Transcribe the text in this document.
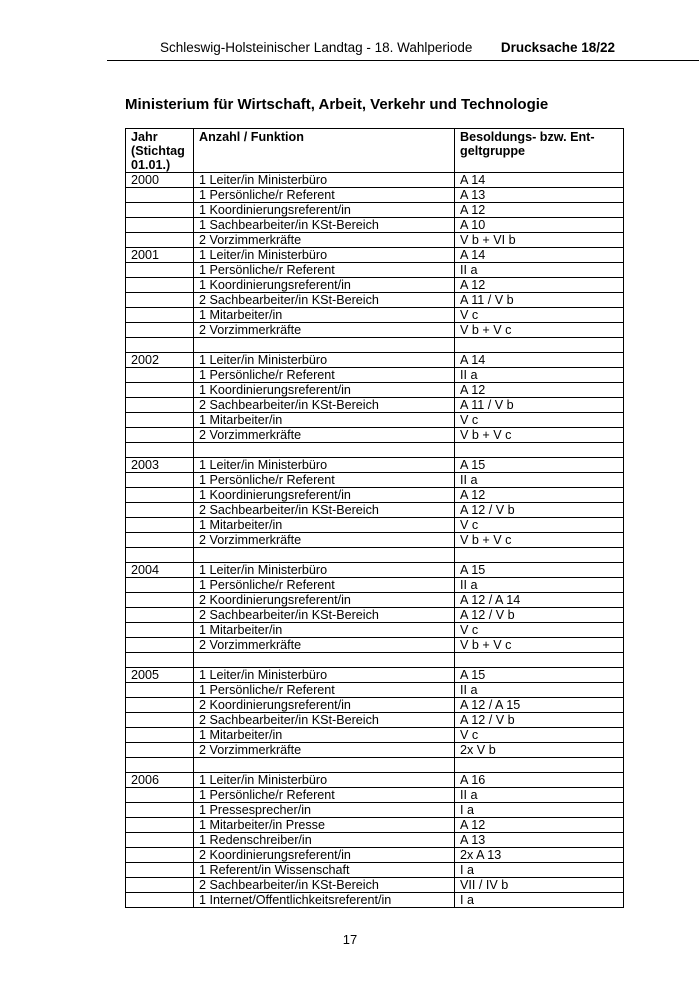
Schleswig-Holsteinischer Landtag - 18. Wahlperiode Drucksache 18/22
Ministerium für Wirtschaft, Arbeit, Verkehr und Technologie
Jahr (Stichtag 01.01.)	Anzahl / Funktion	Besoldungs- bzw. Ent-geltgruppe
2000	1 Leiter/in Ministerbüro	A 14
	1 Persönliche/r Referent	A 13
	1 Koordinierungsreferent/in	A 12
	1 Sachbearbeiter/in KSt-Bereich	A 10
	2 Vorzimmerkräfte	V b + VI b
2001	1 Leiter/in Ministerbüro	A 14
	1 Persönliche/r Referent	II a
	1 Koordinierungsreferent/in	A 12
	2 Sachbearbeiter/in KSt-Bereich	A 11 / V b
	1 Mitarbeiter/in	V c
	2 Vorzimmerkräfte	V b + V c

2002	1 Leiter/in Ministerbüro	A 14
	1 Persönliche/r Referent	II a
	1 Koordinierungsreferent/in	A 12
	2 Sachbearbeiter/in KSt-Bereich	A 11 / V b
	1 Mitarbeiter/in	V c
	2 Vorzimmerkräfte	V b + V c

2003	1 Leiter/in Ministerbüro	A 15
	1 Persönliche/r Referent	II a
	1 Koordinierungsreferent/in	A 12
	2 Sachbearbeiter/in KSt-Bereich	A 12 / V b
	1 Mitarbeiter/in	V c
	2 Vorzimmerkräfte	V b + V c

2004	1 Leiter/in Ministerbüro	A 15
	1 Persönliche/r Referent	II a
	2 Koordinierungsreferent/in	A 12 / A 14
	2 Sachbearbeiter/in KSt-Bereich	A 12 / V b
	1 Mitarbeiter/in	V c
	2 Vorzimmerkräfte	V b + V c

2005	1 Leiter/in Ministerbüro	A 15
	1 Persönliche/r Referent	II a
	2 Koordinierungsreferent/in	A 12 / A 15
	2 Sachbearbeiter/in KSt-Bereich	A 12 / V b
	1 Mitarbeiter/in	V c
	2 Vorzimmerkräfte	2x V b

2006	1 Leiter/in Ministerbüro	A 16
	1 Persönliche/r Referent	II a
	1 Pressesprecher/in	I a
	1 Mitarbeiter/in Presse	A 12
	1 Redenschreiber/in	A 13
	2 Koordinierungsreferent/in	2x A 13
	1 Referent/in Wissenschaft	I a
	2 Sachbearbeiter/in KSt-Bereich	VII / IV b
	1 Internet/Offentlichkeitsreferent/in	I a
17
